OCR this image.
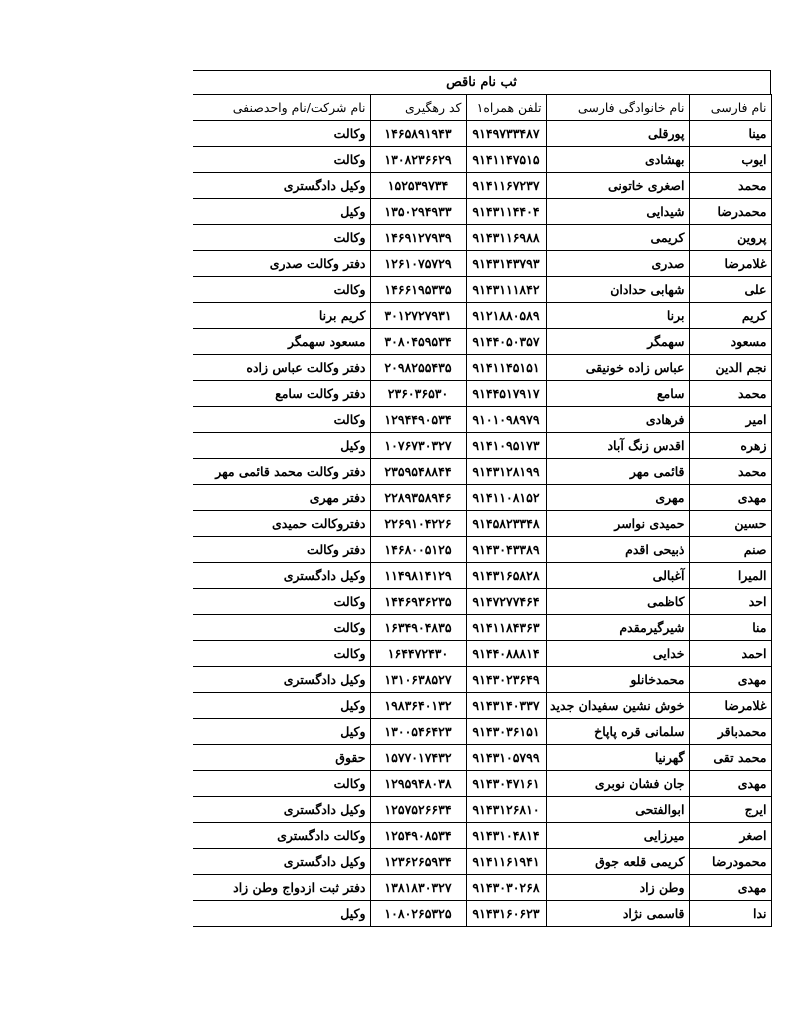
ثب نام ناقص
نام فارسی	نام خانوادگی فارسی	تلفن همراه۱	کد رهگیری	نام شرکت/نام واحدصنفی
مینا	پورقلی	۹۱۴۹۷۳۳۴۸۷	۱۴۶۵۸۹۱۹۴۳	وکالت
ایوب	بهشادی	۹۱۴۱۱۴۷۵۱۵	۱۳۰۸۲۳۶۶۲۹	وکالت
محمد	اصغری خاتونی	۹۱۴۱۱۶۷۲۳۷	۱۵۲۵۳۹۷۳۴	وکیل دادگستری
محمدرضا	شیدایی	۹۱۴۳۱۱۴۴۰۴	۱۳۵۰۲۹۴۹۳۳	وکیل
پروین	کریمی	۹۱۴۳۱۱۶۹۸۸	۱۴۶۹۱۲۷۹۳۹	وکالت
غلامرضا	صدری	۹۱۴۳۱۴۳۷۹۳	۱۲۶۱۰۷۵۷۲۹	دفتر وکالت صدری
علی	شهابی حدادان	۹۱۴۳۱۱۱۸۴۲	۱۴۶۶۱۹۵۳۳۵	وکالت
کریم	برنا	۹۱۲۱۸۸۰۵۸۹	۳۰۱۲۷۲۷۹۳۱	کریم برنا
مسعود	سهمگر	۹۱۴۴۰۵۰۳۵۷	۳۰۸۰۴۵۹۵۳۴	مسعود سهمگر
نجم الدین	عباس زاده خونیقی	۹۱۴۱۱۴۵۱۵۱	۲۰۹۸۲۵۵۴۳۵	دفتر وکالت عباس زاده
محمد	سامع	۹۱۴۴۵۱۷۹۱۷	۲۳۶۰۳۶۵۳۰	دفتر وکالت سامع
امیر	فرهادی	۹۱۰۱۰۹۸۹۷۹	۱۲۹۴۴۹۰۵۳۴	وکالت
زهره	اقدس زنگ آباد	۹۱۴۱۰۹۵۱۷۳	۱۰۷۶۷۳۰۳۲۷	وکیل
محمد	قائمی مهر	۹۱۴۳۱۲۸۱۹۹	۲۳۵۹۵۴۸۸۴۴	دفتر وکالت محمد قائمی مهر
مهدی	مهری	۹۱۴۱۱۰۸۱۵۲	۲۲۸۹۳۵۸۹۴۶	دفتر مهری
حسین	حمیدی نواسر	۹۱۴۵۸۲۳۳۴۸	۲۲۶۹۱۰۴۲۲۶	دفتروکالت حمیدی
صنم	ذبیحی اقدم	۹۱۴۳۰۴۳۳۸۹	۱۴۶۸۰۰۵۱۲۵	دفتر وکالت
المیرا	آغبالی	۹۱۴۳۱۶۵۸۲۸	۱۱۴۹۸۱۴۱۲۹	وکیل دادگستری
احد	کاظمی	۹۱۴۷۲۷۷۴۶۴	۱۴۴۶۹۳۶۲۳۵	وکالت
منا	شیرگیرمقدم	۹۱۴۱۱۸۴۳۶۳	۱۶۳۴۹۰۴۸۳۵	وکالت
احمد	خدایی	۹۱۴۴۰۸۸۸۱۴	۱۶۴۴۷۲۴۳۰	وکالت
مهدی	محمدخانلو	۹۱۴۳۰۲۳۶۴۹	۱۳۱۰۶۳۸۵۲۷	وکیل دادگستری
غلامرضا	خوش نشین سفیدان جدید	۹۱۴۳۱۴۰۳۳۷	۱۹۸۳۶۴۰۱۳۲	وکیل
محمدباقر	سلمانی قره پاپاخ	۹۱۴۳۰۳۶۱۵۱	۱۳۰۰۵۴۶۴۲۳	وکیل
محمد تقی	گهرنیا	۹۱۴۳۱۰۵۷۹۹	۱۵۷۷۰۱۷۴۳۲	حقوق
مهدی	جان فشان نوبری	۹۱۴۳۰۴۷۱۶۱	۱۲۹۵۹۴۸۰۳۸	وکالت
ایرج	ابوالفتحی	۹۱۴۳۱۲۶۸۱۰	۱۲۵۷۵۲۶۶۳۴	وکیل دادگستری
اصغر	میرزایی	۹۱۴۳۱۰۴۸۱۴	۱۲۵۴۹۰۸۵۳۴	وکالت دادگستری
محمودرضا	کریمی قلعه جوق	۹۱۴۱۱۶۱۹۴۱	۱۲۳۶۲۶۵۹۳۴	وکیل دادگستری
مهدی	وطن زاد	۹۱۴۳۰۳۰۲۶۸	۱۳۸۱۸۳۰۳۲۷	دفتر ثبت ازدواج وطن زاد
ندا	قاسمی نژاد	۹۱۴۳۱۶۰۶۲۳	۱۰۸۰۲۶۵۳۲۵	وکیل
